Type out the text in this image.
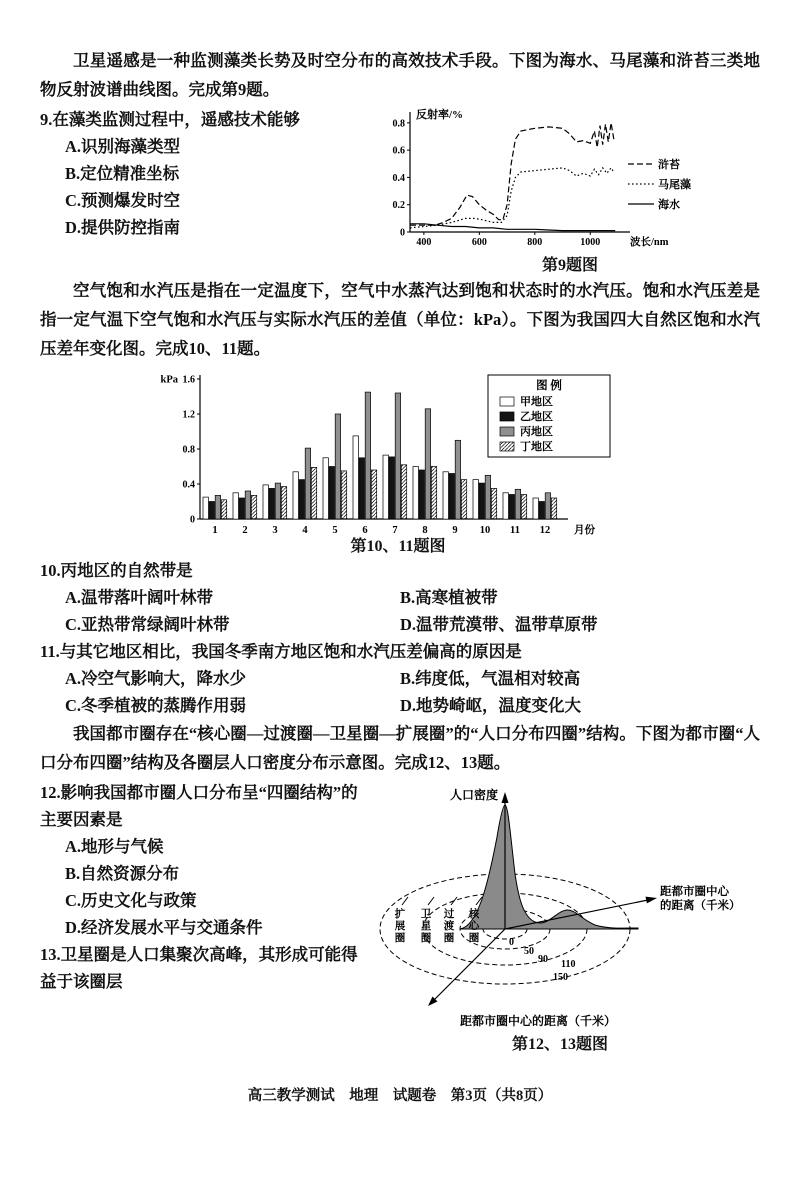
卫星遥感是一种监测藻类长势及时空分布的高效技术手段。下图为海水、马尾藻和浒苔三类地物反射波谱曲线图。完成第9题。

9.在藻类监测过程中，遥感技术能够
A.识别海藻类型
B.定位精准坐标
C.预测爆发时空
D.提供防控指南	0
0.2
0.4
0.6
0.8
400	600	800	1000
反射率/%
波长/nm
浒苔
马尾藻
海水
第9题图

空气饱和水汽压是指在一定温度下，空气中水蒸汽达到饱和状态时的水汽压。饱和水汽压差是指一定气温下空气饱和水汽压与实际水汽压的差值（单位：kPa）。下图为我国四大自然区饱和水汽压差年变化图。完成10、11题。

0
0.4
0.8
1.2
1.6
kPa
1 2 3 4 5 6 7 8 9 10 11 12 月份
图 例
甲地区
乙地区
丙地区
丁地区
第10、11题图
10.丙地区的自然带是
A.温带落叶阔叶林带	B.高寒植被带
C.亚热带常绿阔叶林带	D.温带荒漠带、温带草原带
11.与其它地区相比，我国冬季南方地区饱和水汽压差偏高的原因是
A.冷空气影响大，降水少	B.纬度低，气温相对较高
C.冬季植被的蒸腾作用弱	D.地势崎岖，温度变化大

我国都市圈存在“核心圈—过渡圈—卫星圈—扩展圈”的“人口分布四圈”结构。下图为都市圈“人口分布四圈”结构及各圈层人口密度分布示意图。完成12、13题。

12.影响我国都市圈人口分布呈“四圈结构”的主要因素是
A.地形与气候
B.自然资源分布
C.历史文化与政策
D.经济发展水平与交通条件
13.卫星圈是人口集聚次高峰，其形成可能得益于该圈层
人口密度
距都市圈中心
的距离（千米）
距都市圈中心的距离（千米）
0
50
90 110
150
核心圈
过渡圈
卫星圈
扩展圈
第12、13题图
高三教学测试　地理　试题卷　第3页（共8页）
